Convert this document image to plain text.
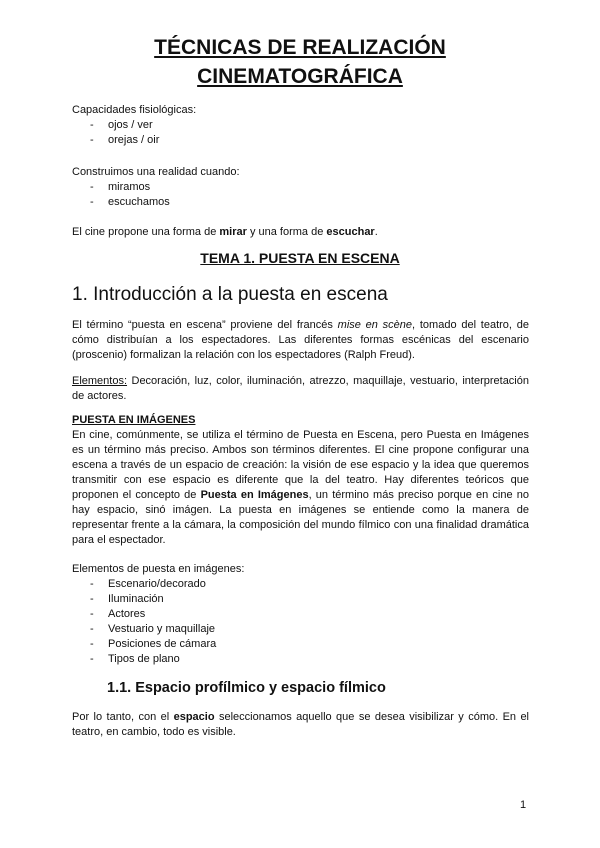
TÉCNICAS DE REALIZACIÓN
CINEMATOGRÁFICA
Capacidades fisiológicas:
- ojos / ver
- orejas / oir
Construimos una realidad cuando:
- miramos
- escuchamos
El cine propone una forma de mirar y una forma de escuchar.
TEMA 1. PUESTA EN ESCENA
1. Introducción a la puesta en escena
El término “puesta en escena” proviene del francés mise en scène, tomado del teatro, de cómo distribuían a los espectadores. Las diferentes formas escénicas del escenario (proscenio) formalizan la relación con los espectadores (Ralph Freud).
Elementos: Decoración, luz, color, iluminación, atrezzo, maquillaje, vestuario, interpretación de actores.
PUESTA EN IMÁGENES
En cine, comúnmente, se utiliza el término de Puesta en Escena, pero Puesta en Imágenes es un término más preciso. Ambos son términos diferentes. El cine propone configurar una escena a través de un espacio de creación: la visión de ese espacio y la idea que queremos transmitir con ese espacio es diferente que la del teatro. Hay diferentes teóricos que proponen el concepto de Puesta en Imágenes, un término más preciso porque en cine no hay espacio, sinó imágen. La puesta en imágenes se entiende como la manera de representar frente a la cámara, la composición del mundo fílmico con una finalidad dramática para el espectador.
Elementos de puesta en imágenes:
- Escenario/decorado
- Iluminación
- Actores
- Vestuario y maquillaje
- Posiciones de cámara
- Tipos de plano
1.1. Espacio profílmico y espacio fílmico
Por lo tanto, con el espacio seleccionamos aquello que se desea visibilizar y cómo. En el teatro, en cambio, todo es visible.
1
